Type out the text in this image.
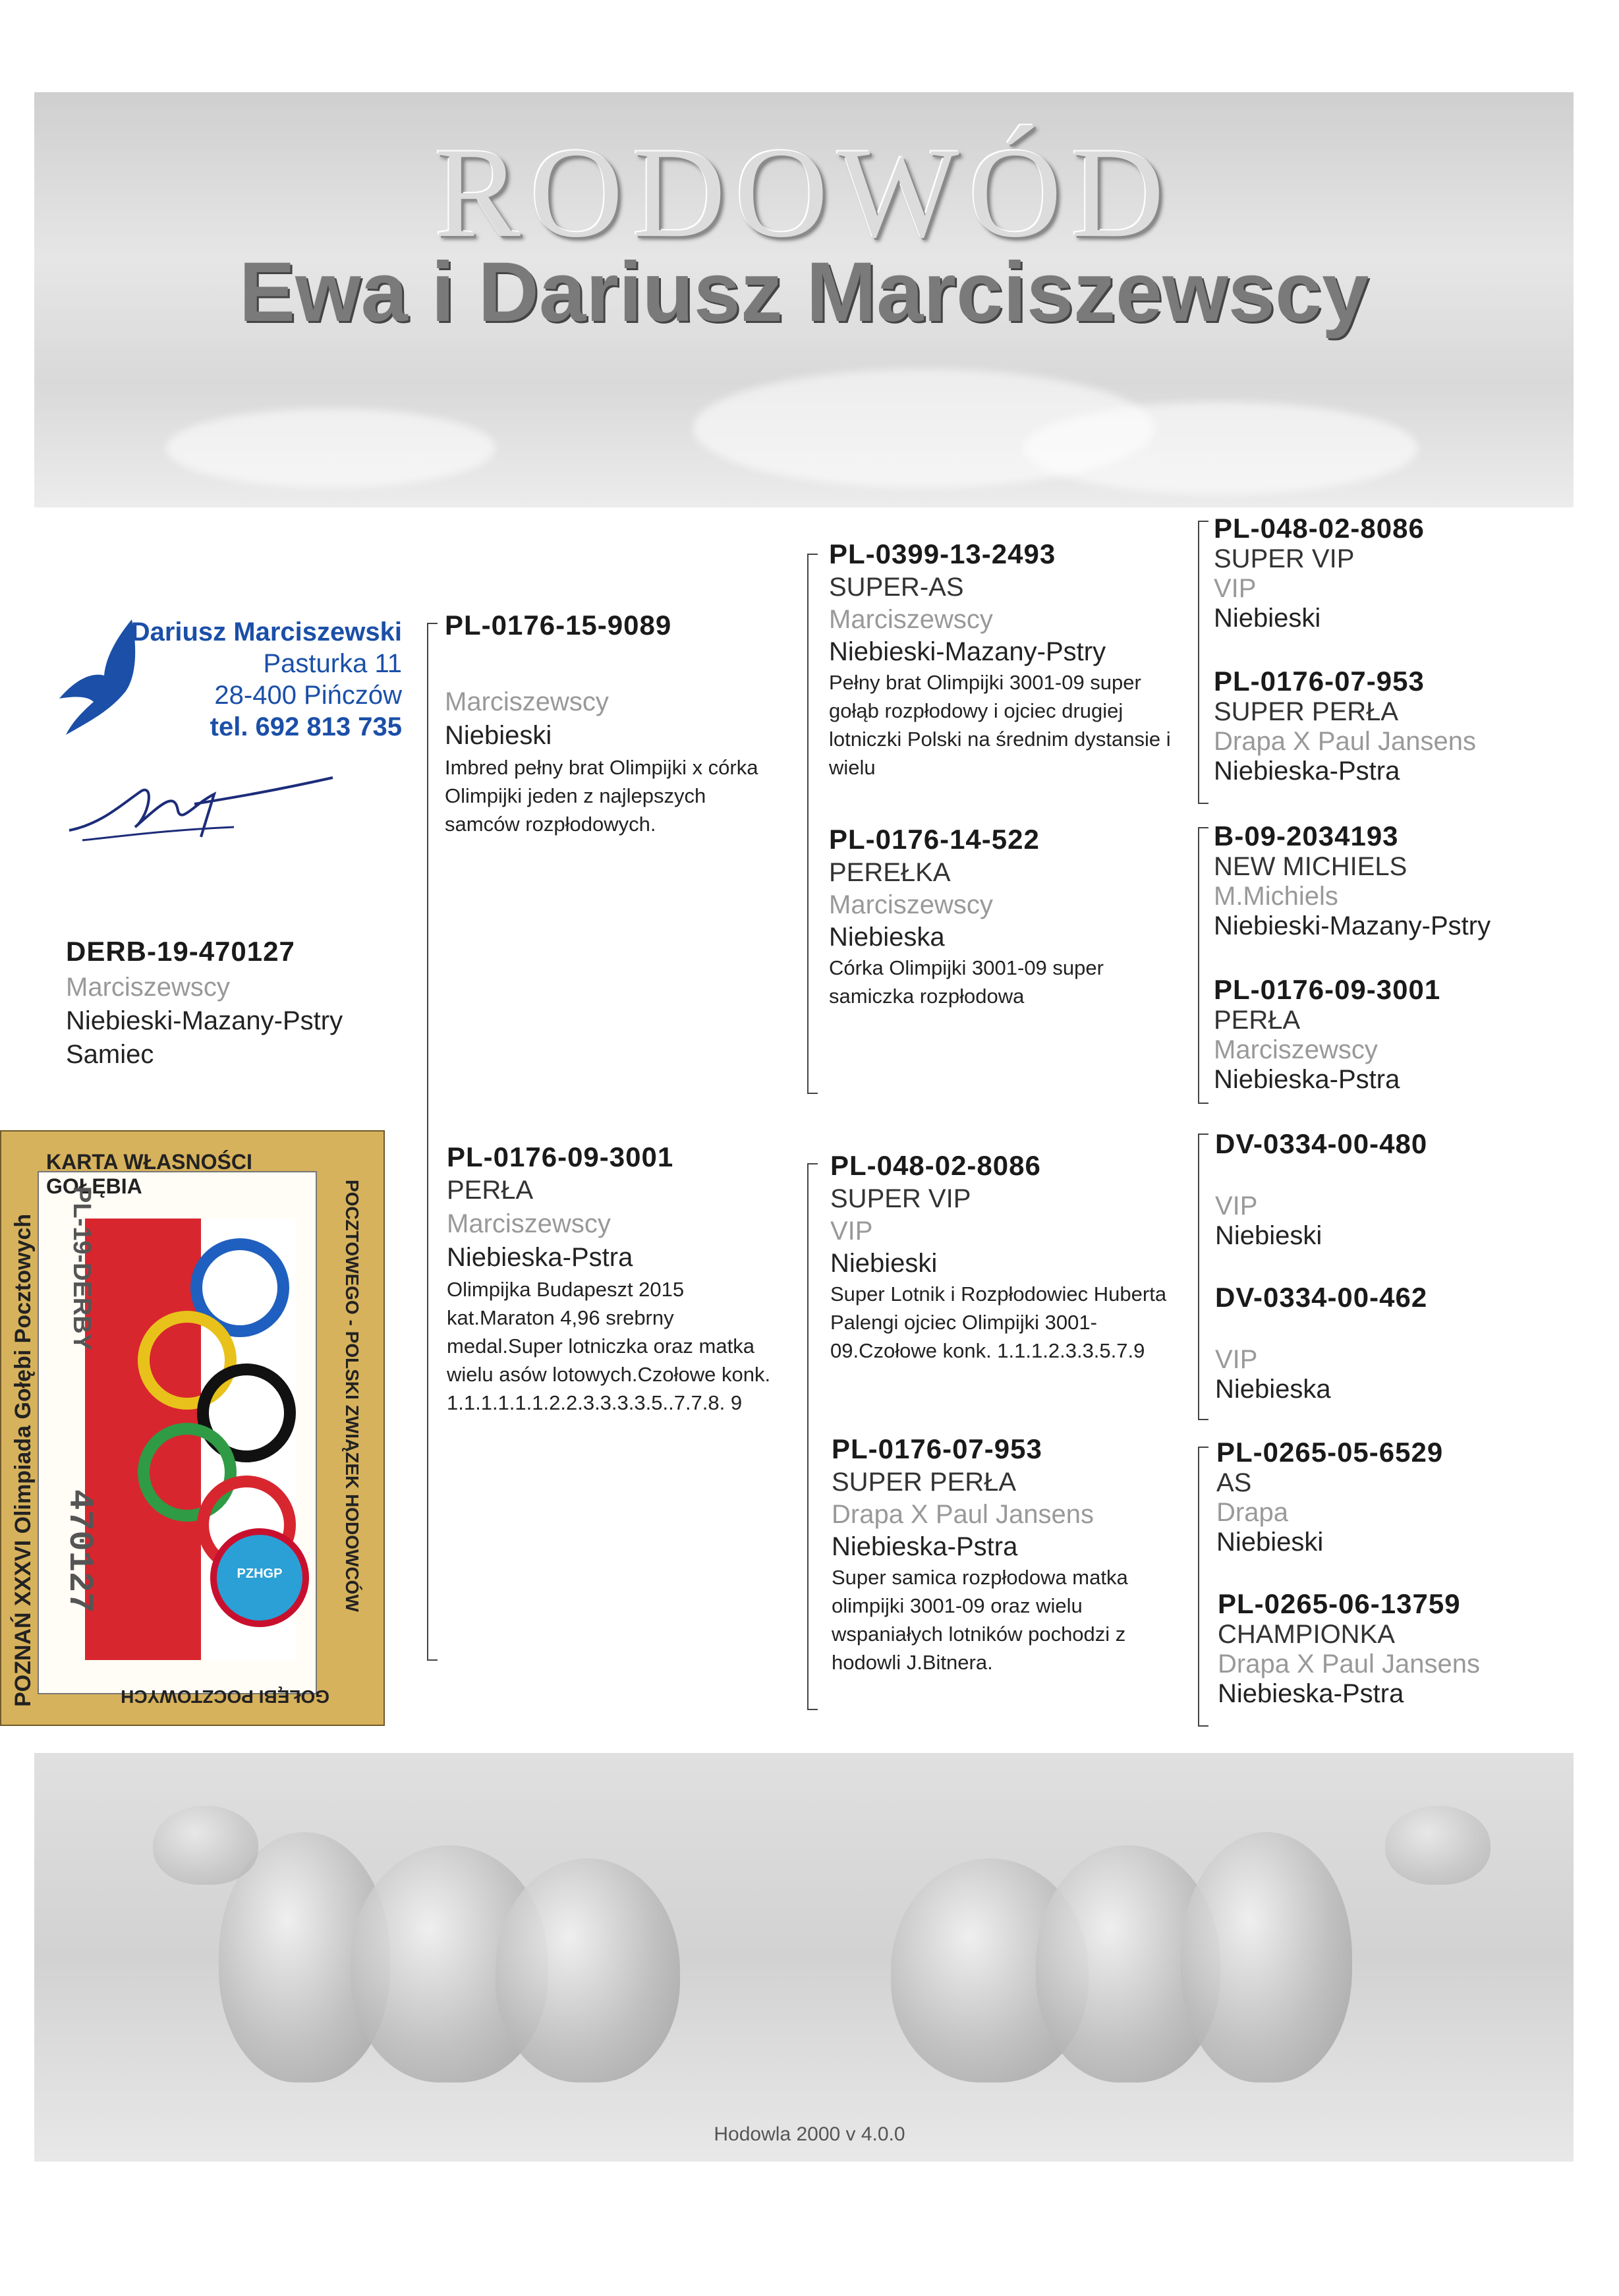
RODOWÓD
Ewa i Dariusz Marciszewscy
Dariusz Marciszewski
Pasturka 11
28-400 Pińczów
tel. 692 813 735
DERB-19-470127
Marciszewscy
Niebieski-Mazany-Pstry
Samiec
PL-0176-15-9089
Marciszewscy
Niebieski
Imbred pełny brat Olimpijki x córka Olimpijki jeden z najlepszych samców rozpłodowych.
PL-0176-09-3001
PERŁA
Marciszewscy
Niebieska-Pstra
Olimpijka Budapeszt 2015 kat.Maraton 4,96 srebrny medal.Super lotniczka oraz matka wielu asów lotowych.Czołowe konk. 1.1.1.1.1.1.2.2.3.3.3.3.5..7.7.8. 9
PL-0399-13-2493
SUPER-AS
Marciszewscy
Niebieski-Mazany-Pstry
Pełny brat Olimpijki 3001-09 super gołąb rozpłodowy i ojciec drugiej lotniczki Polski na średnim dystansie i wielu
PL-0176-14-522
PEREŁKA
Marciszewscy
Niebieska
Córka Olimpijki 3001-09 super samiczka rozpłodowa
PL-048-02-8086
SUPER VIP
VIP
Niebieski
Super Lotnik i Rozpłodowiec Huberta Palengi ojciec Olimpijki 3001-09.Czołowe konk. 1.1.1.2.3.3.5.7.9
PL-0176-07-953
SUPER PERŁA
Drapa X Paul Jansens
Niebieska-Pstra
Super samica rozpłodowa matka olimpijki 3001-09 oraz wielu wspaniałych lotników pochodzi z hodowli J.Bitnera.
PL-048-02-8086
SUPER VIP
VIP
Niebieski
PL-0176-07-953
SUPER PERŁA
Drapa X Paul Jansens
Niebieska-Pstra
B-09-2034193
NEW MICHIELS
M.Michiels
Niebieski-Mazany-Pstry
PL-0176-09-3001
PERŁA
Marciszewscy
Niebieska-Pstra
DV-0334-00-480
VIP
Niebieski
DV-0334-00-462
VIP
Niebieska
PL-0265-05-6529
AS
Drapa
Niebieski
PL-0265-06-13759
CHAMPIONKA
Drapa X Paul Jansens
Niebieska-Pstra
PZHGP
KARTA WŁASNOŚCI GOŁĘBIA	POCZTOWEGO - POLSKI ZWIĄZEK HODOWCÓW
GOŁĘBI POCZTOWYCH
POZNAŃ XXXVI Olimpiada Gołębi Pocztowych PL-19-DERBY
470127
Hodowla 2000 v 4.0.0
